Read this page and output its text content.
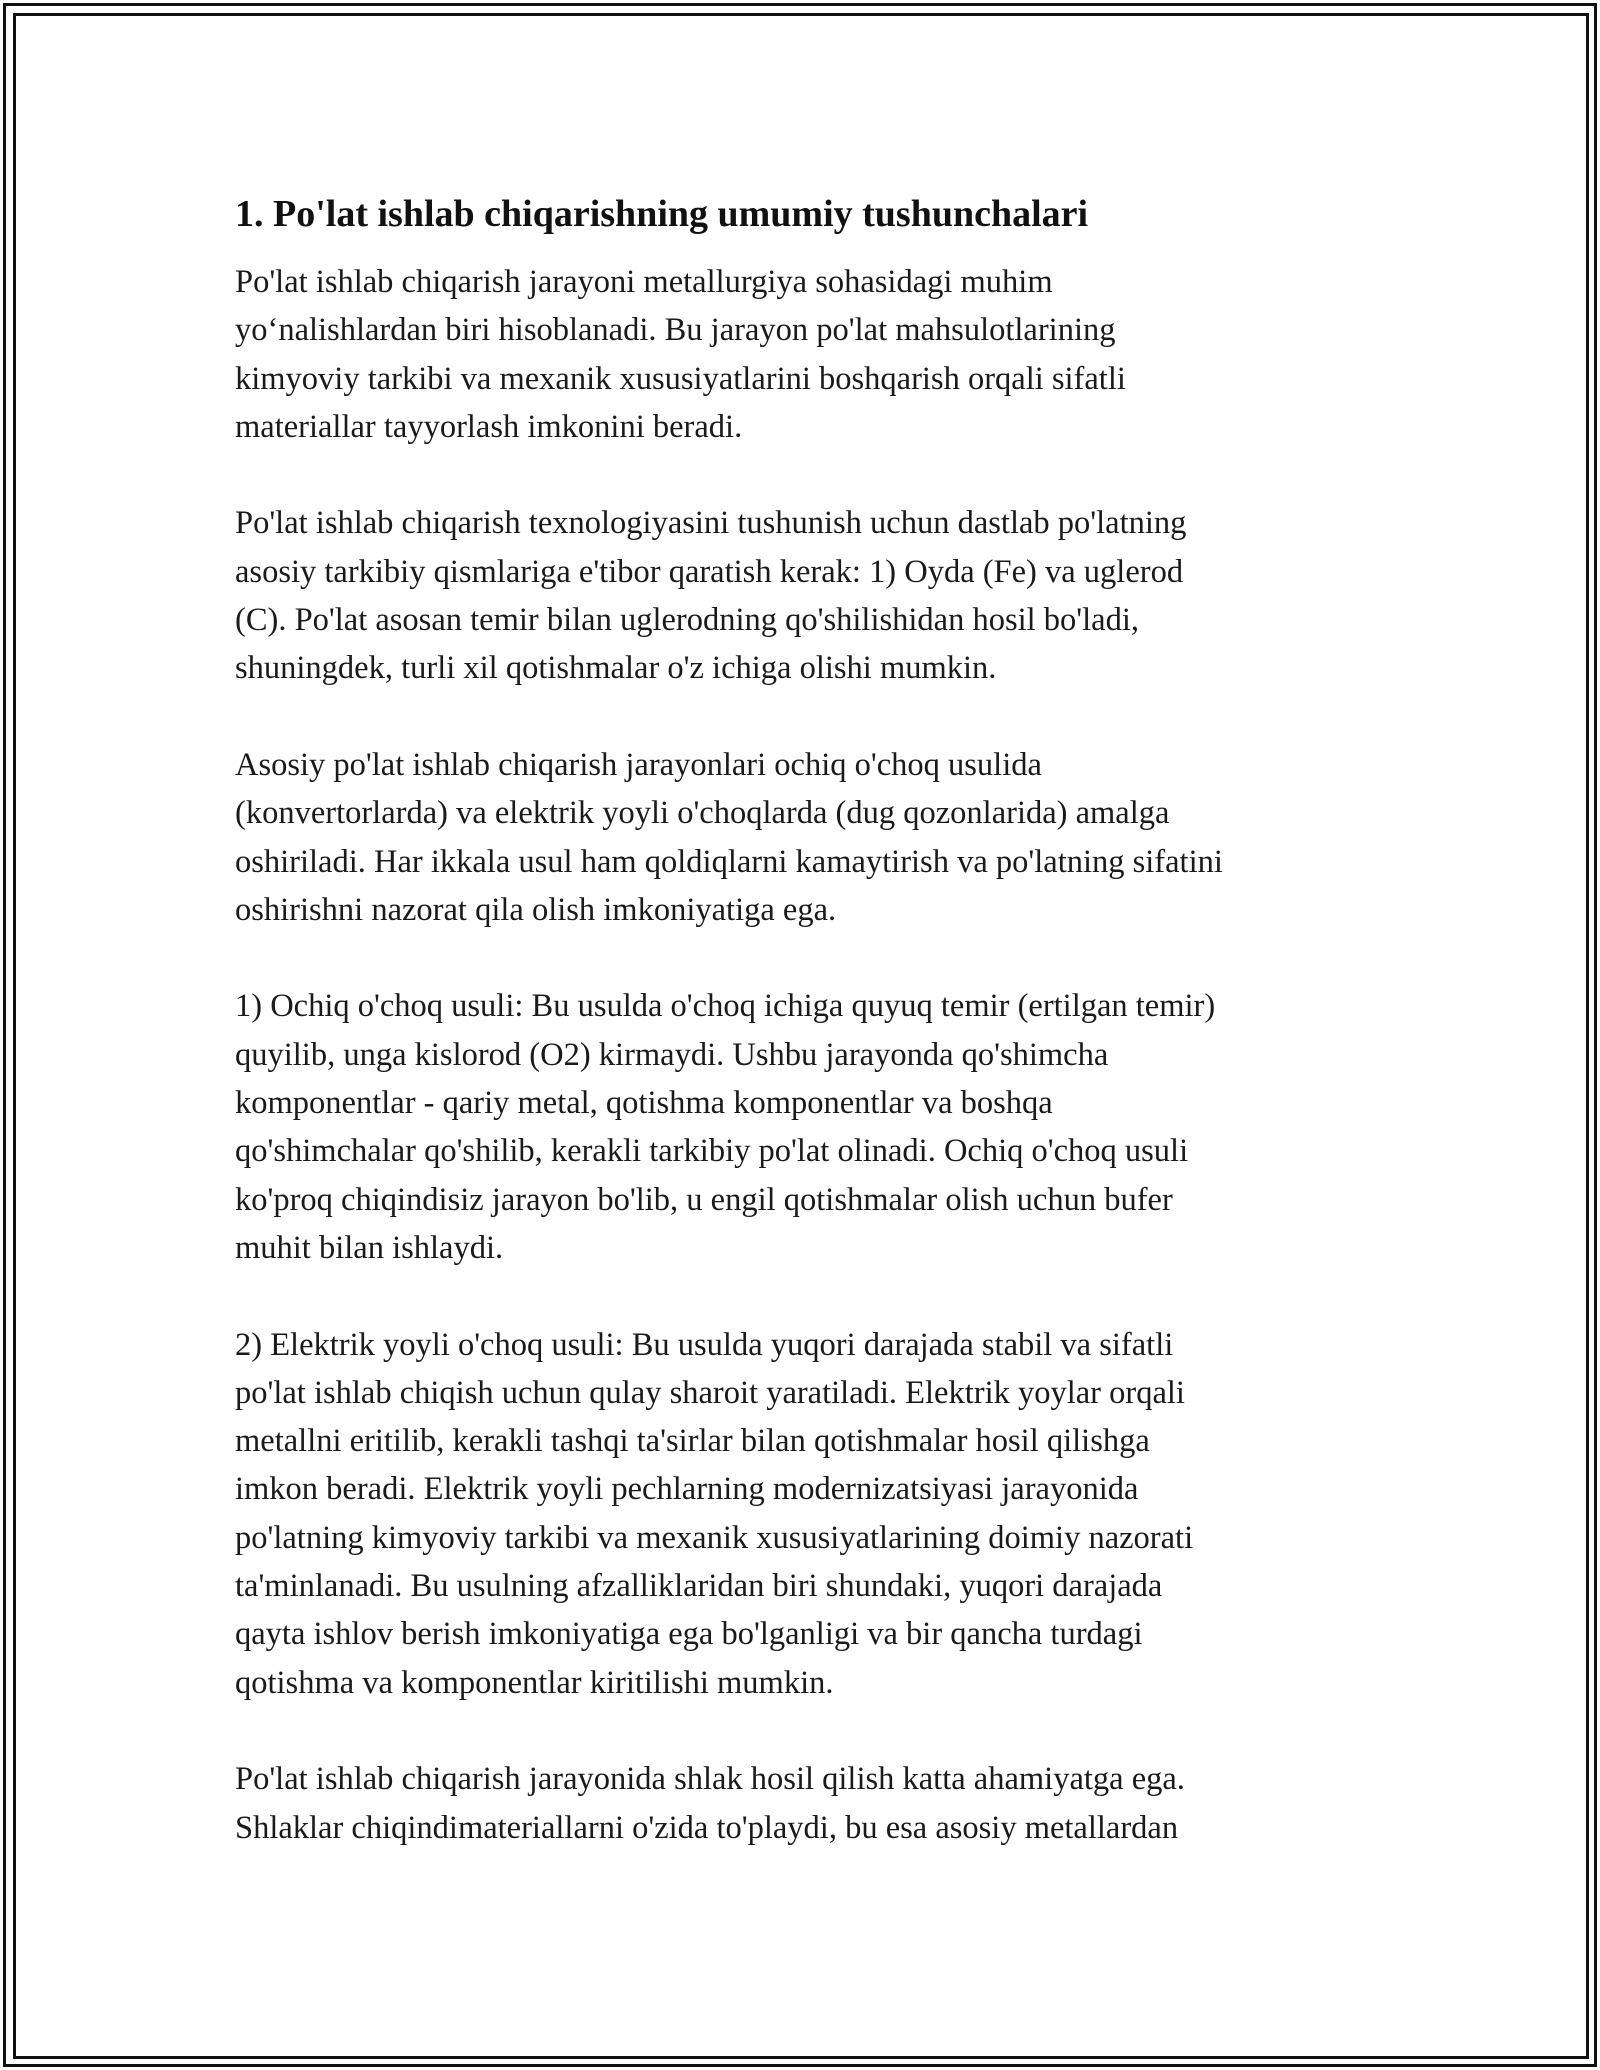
1. Po'lat ishlab chiqarishning umumiy tushunchalari

Po'lat ishlab chiqarish jarayoni metallurgiya sohasidagi muhim
yo‘nalishlardan biri hisoblanadi. Bu jarayon po'lat mahsulotlarining
kimyoviy tarkibi va mexanik xususiyatlarini boshqarish orqali sifatli
materiallar tayyorlash imkonini beradi.

Po'lat ishlab chiqarish texnologiyasini tushunish uchun dastlab po'latning
asosiy tarkibiy qismlariga e'tibor qaratish kerak: 1) Oyda (Fe) va uglerod
(C). Po'lat asosan temir bilan uglerodning qo'shilishidan hosil bo'ladi,
shuningdek, turli xil qotishmalar o'z ichiga olishi mumkin.

Asosiy po'lat ishlab chiqarish jarayonlari ochiq o'choq usulida
(konvertorlarda) va elektrik yoyli o'choqlarda (dug qozonlarida) amalga
oshiriladi. Har ikkala usul ham qoldiqlarni kamaytirish va po'latning sifatini
oshirishni nazorat qila olish imkoniyatiga ega.

1) Ochiq o'choq usuli: Bu usulda o'choq ichiga quyuq temir (ertilgan temir)
quyilib, unga kislorod (O2) kirmaydi. Ushbu jarayonda qo'shimcha
komponentlar - qariy metal, qotishma komponentlar va boshqa
qo'shimchalar qo'shilib, kerakli tarkibiy po'lat olinadi. Ochiq o'choq usuli
ko'proq chiqindisiz jarayon bo'lib, u engil qotishmalar olish uchun bufer
muhit bilan ishlaydi.

2) Elektrik yoyli o'choq usuli: Bu usulda yuqori darajada stabil va sifatli
po'lat ishlab chiqish uchun qulay sharoit yaratiladi. Elektrik yoylar orqali
metallni eritilib, kerakli tashqi ta'sirlar bilan qotishmalar hosil qilishga
imkon beradi. Elektrik yoyli pechlarning modernizatsiyasi jarayonida
po'latning kimyoviy tarkibi va mexanik xususiyatlarining doimiy nazorati
ta'minlanadi. Bu usulning afzalliklaridan biri shundaki, yuqori darajada
qayta ishlov berish imkoniyatiga ega bo'lganligi va bir qancha turdagi
qotishma va komponentlar kiritilishi mumkin.

Po'lat ishlab chiqarish jarayonida shlak hosil qilish katta ahamiyatga ega.
Shlaklar chiqindimateriallarni o'zida to'playdi, bu esa asosiy metallardan
